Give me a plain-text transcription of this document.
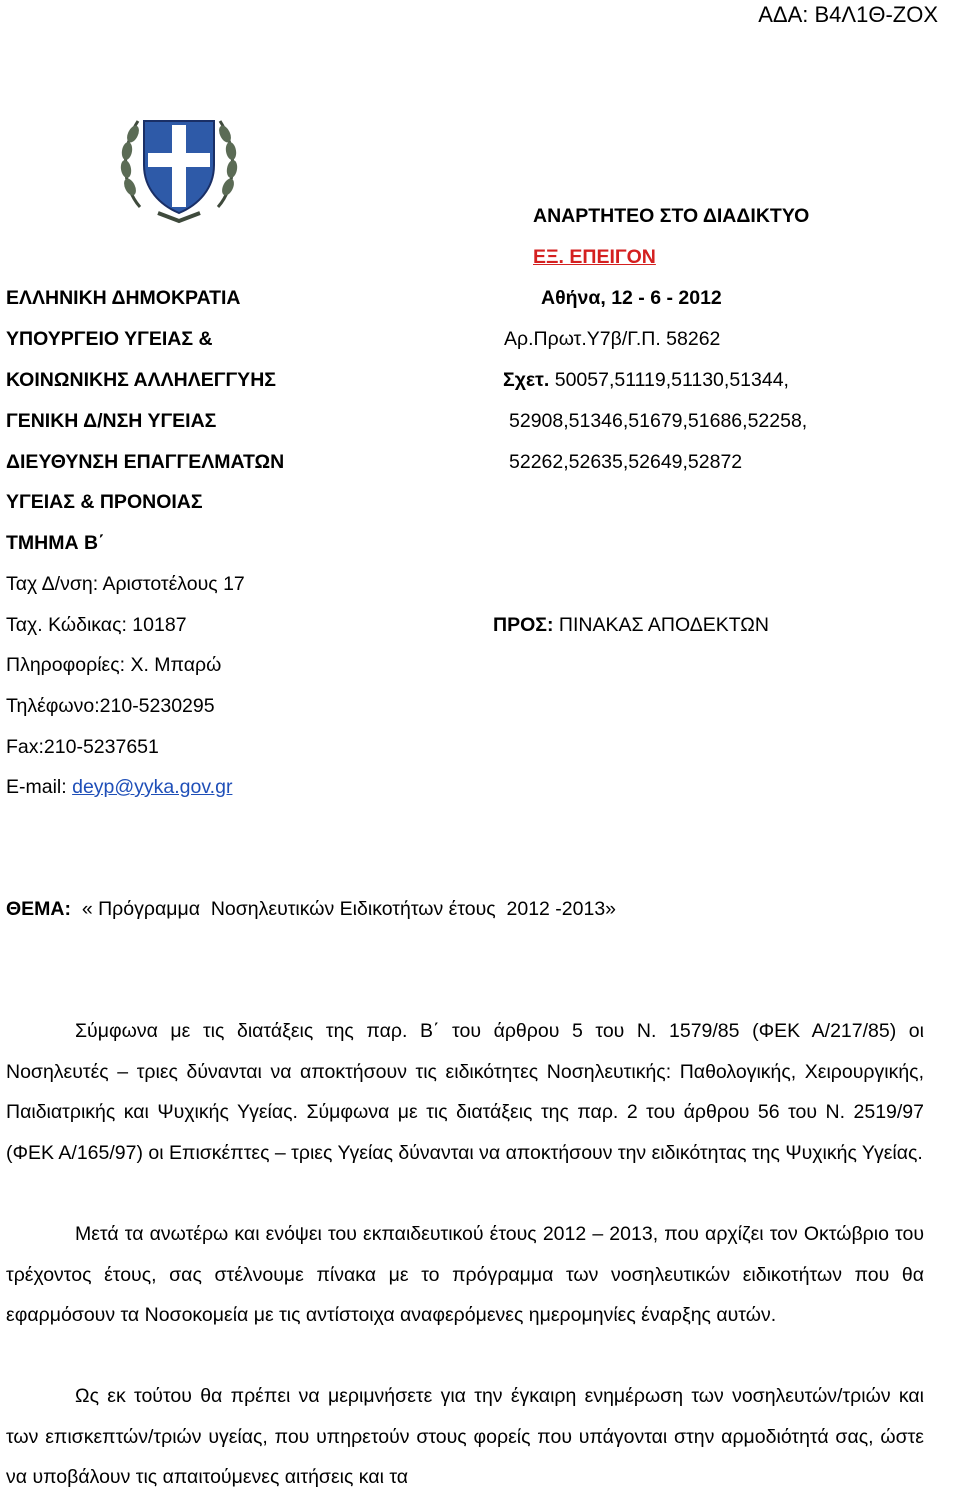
ΑΔΑ: Β4Λ1Θ-ΖΟΧ
ΑΝΑΡΤΗΤΕΟ ΣΤΟ ΔΙΑΔΙΚΤΥΟ
ΕΞ. ΕΠΕΙΓΟΝ
ΕΛΛΗΝΙΚΗ ΔΗΜΟΚΡΑΤΙΑ
ΥΠΟΥΡΓΕΙΟ ΥΓΕΙΑΣ &
ΚΟΙΝΩΝΙΚΗΣ ΑΛΛΗΛΕΓΓΥΗΣ
ΓΕΝΙΚΗ Δ/ΝΣΗ ΥΓΕΙΑΣ
ΔΙΕΥΘΥΝΣΗ ΕΠΑΓΓΕΛΜΑΤΩΝ
ΥΓΕΙΑΣ & ΠΡΟΝΟΙΑΣ
ΤΜΗΜΑ Β΄
Ταχ Δ/νση: Αριστοτέλους 17
Ταχ. Κώδικας: 10187
Πληροφορίες: Χ. Μπαρώ
Τηλέφωνο:210-5230295
Fax:210-5237651
E-mail: deyp@yyka.gov.gr
Αθήνα, 12 - 6 - 2012
Αρ.Πρωτ.Υ7β/Γ.Π. 58262
Σχετ. 50057,51119,51130,51344,
52908,51346,51679,51686,52258,
52262,52635,52649,52872
ΠΡΟΣ: ΠΙΝΑΚΑΣ ΑΠΟΔΕΚΤΩΝ
ΘΕΜΑ:  « Πρόγραμμα  Νοσηλευτικών Ειδικοτήτων έτους  2012 -2013»
Σύμφωνα με τις διατάξεις της παρ. Β΄ του άρθρου 5 του Ν. 1579/85 (ΦΕΚ Α/217/85) οι Νοσηλευτές – τριες δύνανται να αποκτήσουν τις ειδικότητες Νοσηλευτικής: Παθολογικής, Χειρουργικής, Παιδιατρικής και Ψυχικής Υγείας. Σύμφωνα με τις διατάξεις της παρ. 2 του άρθρου 56 του Ν. 2519/97 (ΦΕΚ Α/165/97) οι Επισκέπτες – τριες Υγείας δύνανται να αποκτήσουν την ειδικότητας της Ψυχικής Υγείας.
Μετά τα ανωτέρω και ενόψει του εκπαιδευτικού έτους 2012 – 2013, που αρχίζει τον Οκτώβριο του τρέχοντος έτους, σας στέλνουμε πίνακα με το πρόγραμμα των νοσηλευτικών ειδικοτήτων που θα εφαρμόσουν τα Νοσοκομεία με τις αντίστοιχα αναφερόμενες ημερομηνίες έναρξης αυτών.
Ως εκ τούτου θα πρέπει να μεριμνήσετε για την έγκαιρη ενημέρωση των νοσηλευτών/τριών και των επισκεπτών/τριών υγείας, που υπηρετούν στους φορείς που υπάγονται στην αρμοδιότητά σας, ώστε να υποβάλουν τις απαιτούμενες αιτήσεις και τα
